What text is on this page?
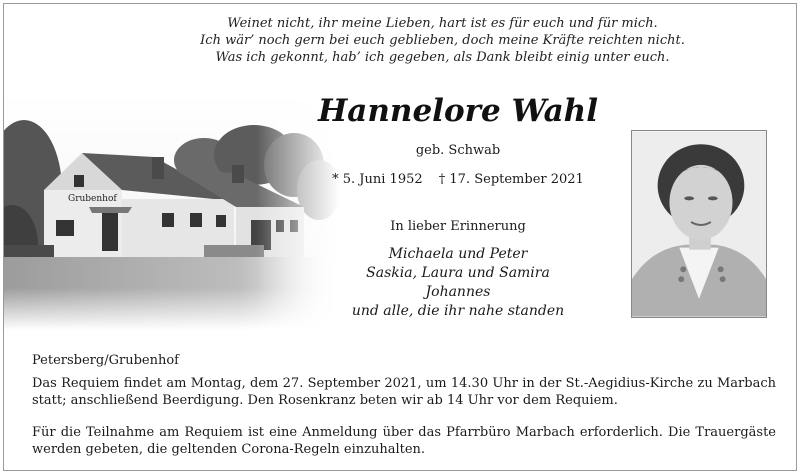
Weinet nicht, ihr meine Lieben, hart ist es für euch und für mich.
Ich wär’ noch gern bei euch geblieben, doch meine Kräfte reichten nicht.
Was ich gekonnt, hab’ ich gegeben, als Dank bleibt einig unter euch.
Hannelore Wahl
geb. Schwab
* 5. Juni 1952 † 17. September 2021
In lieber Erinnerung
Michaela und Peter
Saskia, Laura und Samira
Johannes
und alle, die ihr nahe standen
Petersberg/Grubenhof
Das Requiem findet am Montag, dem 27. September 2021, um 14.30 Uhr in der St.-Aegidius-Kirche zu Marbach statt; anschließend Beerdigung. Den Rosenkranz beten wir ab 14 Uhr vor dem Requiem.
Für die Teilnahme am Requiem ist eine Anmeldung über das Pfarrbüro Marbach erforderlich. Die Trauergäste werden gebeten, die geltenden Corona-Regeln einzuhalten.
